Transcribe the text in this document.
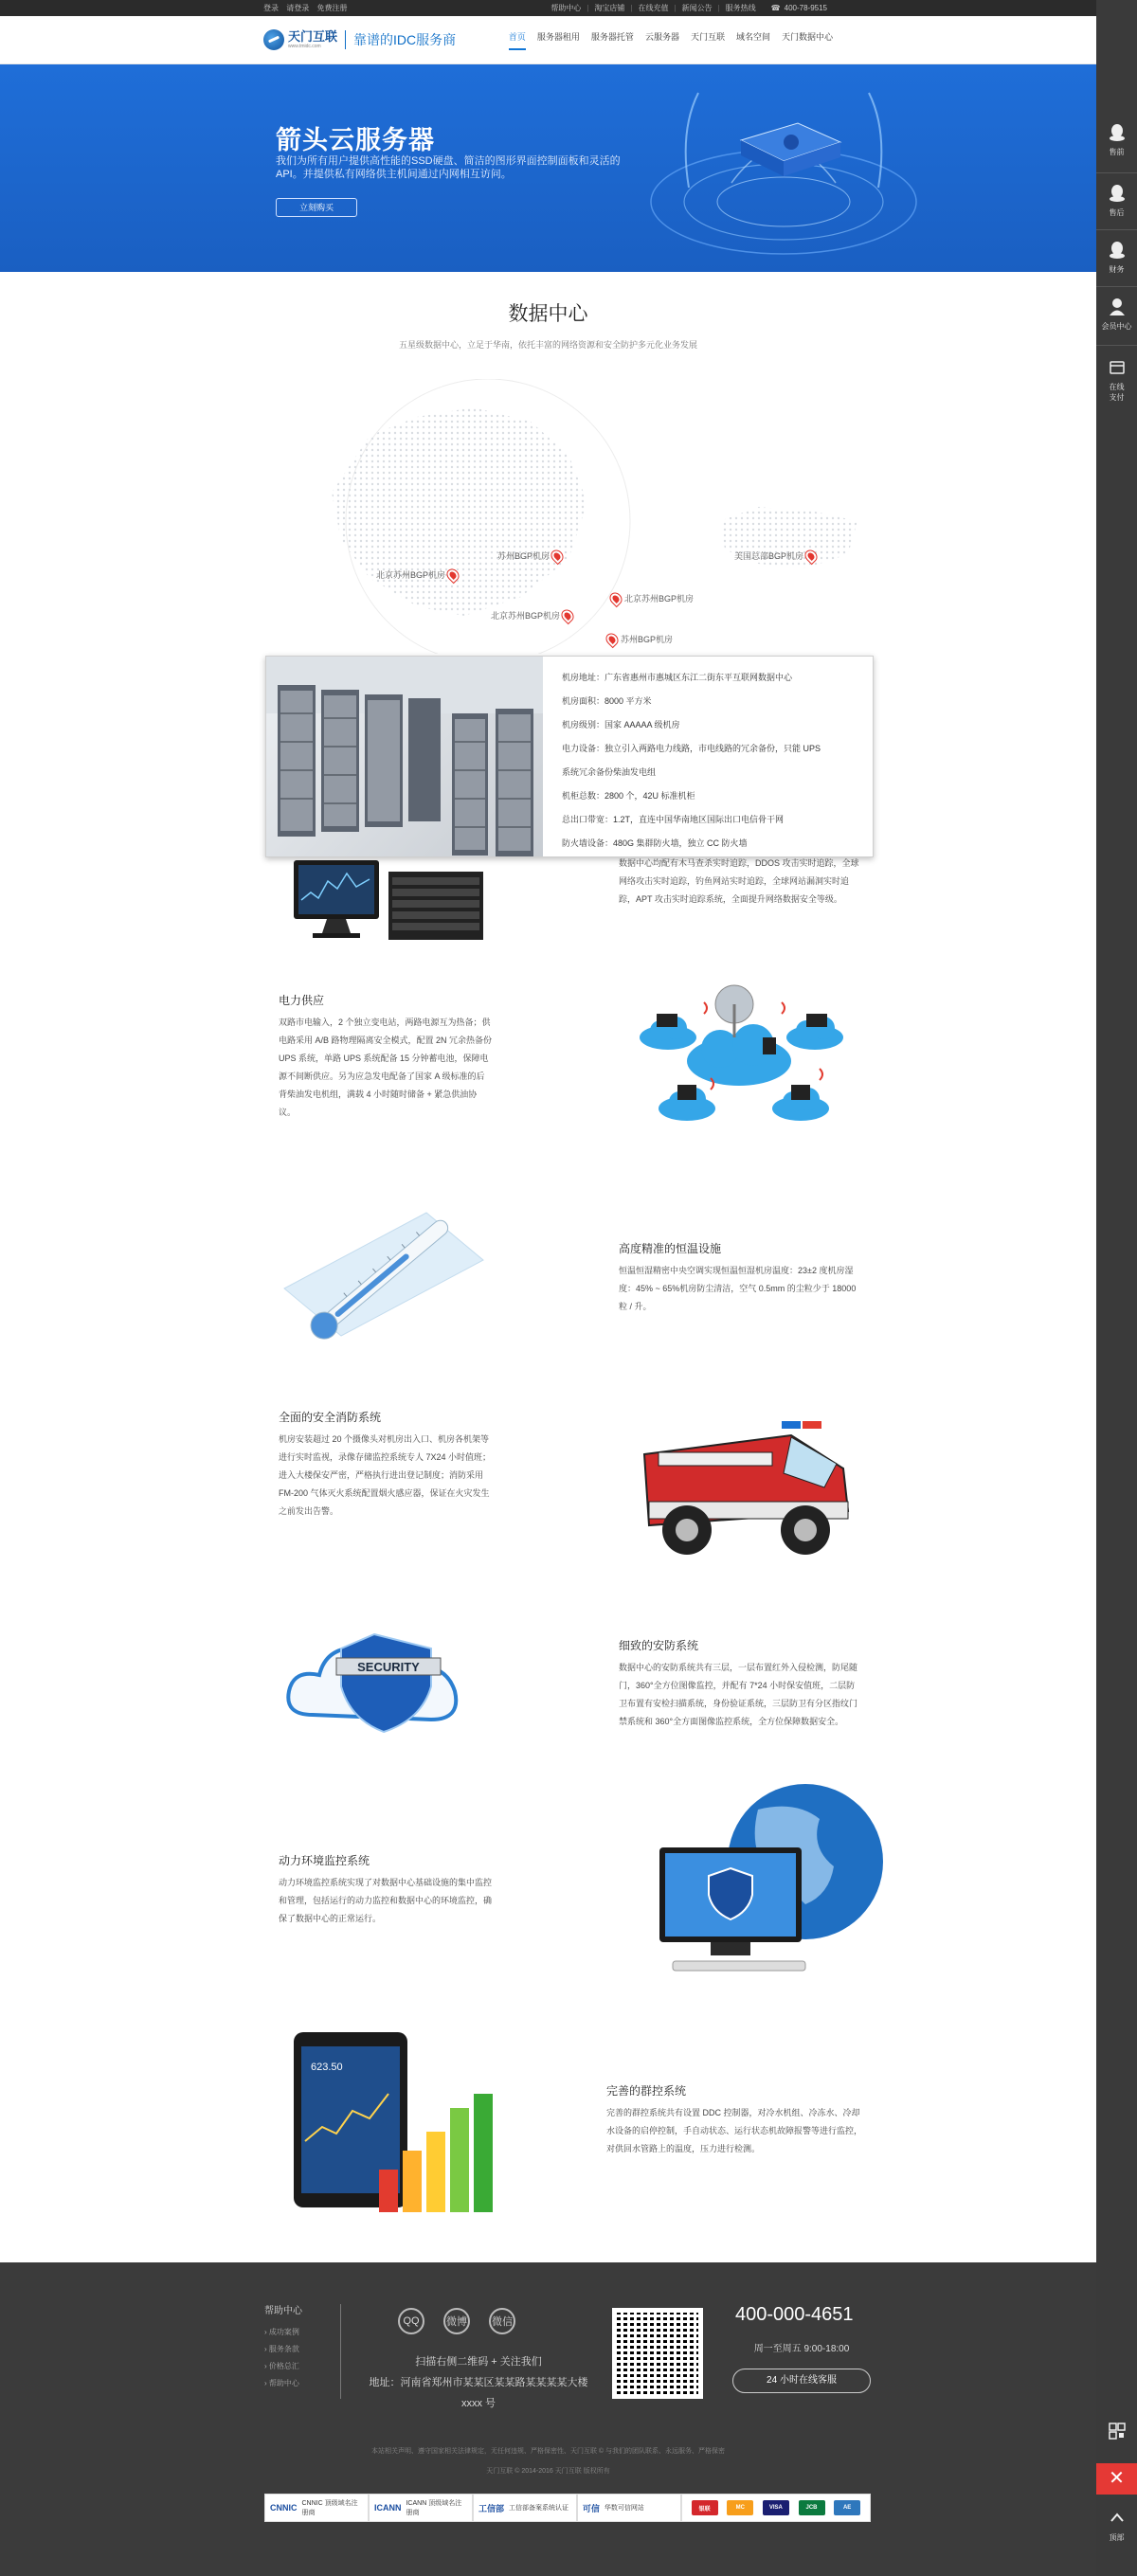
登录 请登录 免费注册	帮助中心 | 淘宝店铺 | 在线充值 | 新闻公告 | 服务热线 ☎ 400-78-9515
天门互联
www.tmidc.com	靠谱的IDC服务商	首页 服务器租用 服务器托管 云服务器 天门互联 域名空间 天门数据中心
箭头云服务器

我们为所有用户提供高性能的SSD硬盘、简洁的图形界面控制面板和灵活的API。并提供私有网络供主机间通过内网相互访问。

立刻购买
数据中心

五星级数据中心，立足于华南，依托丰富的网络资源和安全防护多元化业务发展

苏州BGP机房
北京苏州BGP机房
北京苏州BGP机房
北京苏州BGP机房
苏州BGP机房
美国总部BGP机房
机房地址：广东省惠州市惠城区东江二街东平互联网数据中心
机房面积：8000 平方米
机房级别：国家 AAAAA 级机房
电力设备：独立引入两路电力线路，市电线路的冗余备份，只能 UPS
系统冗余备份柴油发电组
机柜总数：2800 个，42U 标准机柜
总出口带宽：1.2T，直连中国华南地区国际出口电信骨干网
防火墙设备：480G 集群防火墙，独立 CC 防火墙

数据中心均配有木马查杀实时追踪，DDOS 攻击实时追踪，全球网络攻击实时追踪，钓鱼网站实时追踪，全球网站漏洞实时追踪，APT 攻击实时追踪系统，全面提升网络数据安全等级。

电力供应

双路市电输入，2 个独立变电站，两路电源互为热备；供电路采用 A/B 路物理隔离安全模式，配置 2N 冗余热备份 UPS 系统，单路 UPS 系统配备 15 分钟蓄电池，保障电源不间断供应。另为应急发电配备了国家 A 级标准的后背柴油发电机组，满载 4 小时随时储备 + 紧急供油协议。

高度精准的恒温设施

恒温恒湿精密中央空调实现恒温恒湿机房温度：23±2 度机房湿度：45% ~ 65%机房防尘清洁，空气 0.5mm 的尘粒少于 18000 粒 / 升。

全面的安全消防系统

机房安装超过 20 个摄像头对机房出入口、机房各机架等进行实时监视，录像存储监控系统专人 7X24 小时值班；进入大楼保安严密，严格执行进出登记制度；消防采用 FM-200 气体灭火系统配置烟火感应器，保证在火灾发生之前发出告警。

SECURITY
细致的安防系统

数据中心的安防系统共有三层，一层布置红外入侵检测，防尾随门，360°全方位图像监控，并配有 7*24 小时保安值班，二层防卫布置有安检扫描系统，身份验证系统，三层防卫有分区指纹门禁系统和 360°全方面图像监控系统，全方位保障数据安全。

动力环境监控系统

动力环境监控系统实现了对数据中心基础设施的集中监控和管理，包括运行的动力监控和数据中心的环境监控，确保了数据中心的正常运行。

623.50
完善的群控系统

完善的群控系统共有设置 DDC 控制器，对冷水机组、冷冻水、冷却水设备的启停控制，手自动状态、运行状态机故障报警等进行监控，对供回水管路上的温度，压力进行检测。

帮助中心
› 成功案例
› 服务条款
› 价格总汇
› 帮助中心
QQ	微博 微信
扫描右侧二维码 + 关注我们
地址：河南省郑州市某某区某某路某某某某大楼 xxxx 号
400-000-4651
周一至周五 9:00-18:00
24 小时在线客服
本站相关声明、遵守国家相关法律规定，无任何违规、严格保密性、天门互联 © 与我们的团队联系、永远服务、严格保密
天门互联 © 2014-2016 天门互联 版权所有
CNNIC CNNIC 顶级域名注册商
ICANN ICANN 顶级域名注册商	工信部 工信部备案系统认证 可信 华数可信网站	银联	MC	VISA	JCB	AE
售前
售后
财务
会员中心
在线支付
顶部
✕
